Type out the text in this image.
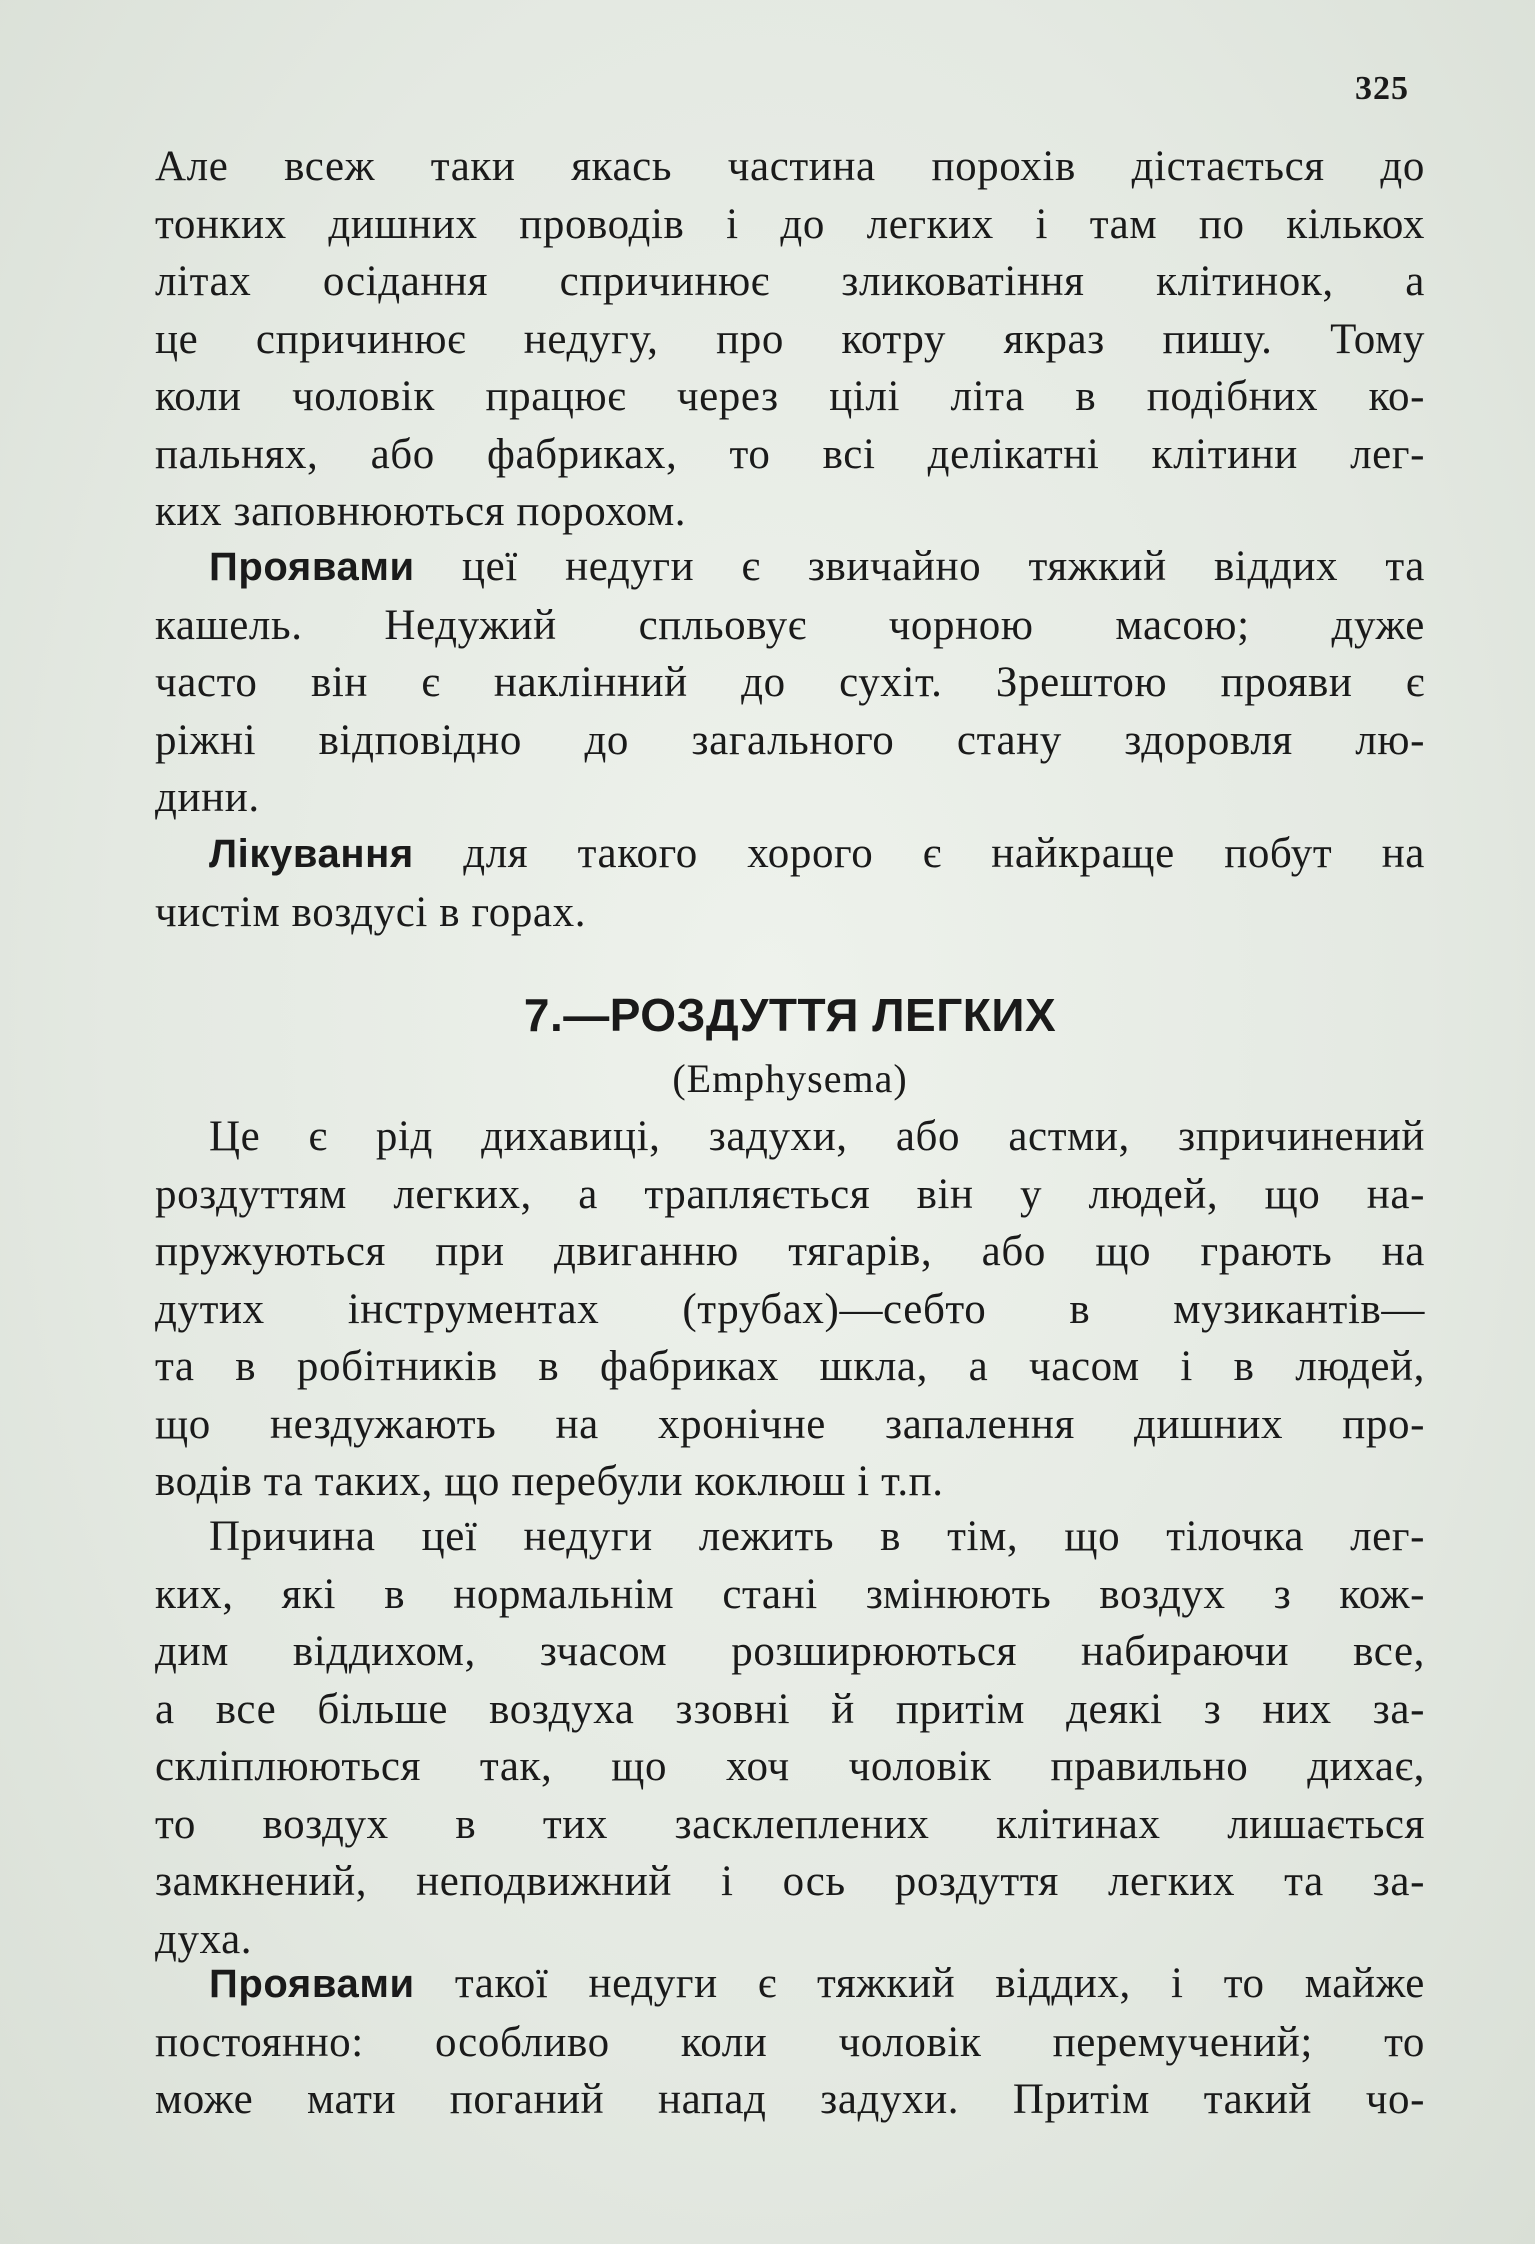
325
Але всеж таки якась частина порохів дістається до
тонких дишних проводів і до легких і там по кількох
літах осідання спричинює зликоватіння клітинок, а
це спричинює недугу, про котру якраз пишу. Тому
коли чоловік працює через цілі літа в подібних ко-
пальнях, або фабриках, то всі делікатні клітини лег-
ких заповнюються порохом.
Проявами цеї недуги є звичайно тяжкий віддих та
кашель. Недужий спльовує чорною масою; дуже
часто він є наклінний до сухіт. Зрештою прояви є
ріжні відповідно до загального стану здоровля лю-
дини.
Лікування для такого хорого є найкраще побут на
чистім воздусі в горах.
7.—РОЗДУТТЯ ЛЕГКИХ
(Emphysema)
Це є рід дихавиці, задухи, або астми, зпричинений
роздуттям легких, а трапляється він у людей, що на-
пружуються при двиганню тягарів, або що грають на
дутих інструментах (трубах)—себто в музикантів—
та в робітників в фабриках шкла, а часом і в людей,
що нездужають на хронічне запалення дишних про-
водів та таких, що перебули коклюш і т.п.
Причина цеї недуги лежить в тім, що тілочка лег-
ких, які в нормальнім стані змінюють воздух з кож-
дим віддихом, зчасом розширюються набираючи все,
а все більше воздуха ззовні й притім деякі з них за-
скліплюються так, що хоч чоловік правильно дихає,
то воздух в тих засклеплених клітинах лишається
замкнений, неподвижний і ось роздуття легких та за-
духа.
Проявами такої недуги є тяжкий віддих, і то майже
постоянно: особливо коли чоловік перемучений; то
може мати поганий напад задухи. Притім такий чо-
